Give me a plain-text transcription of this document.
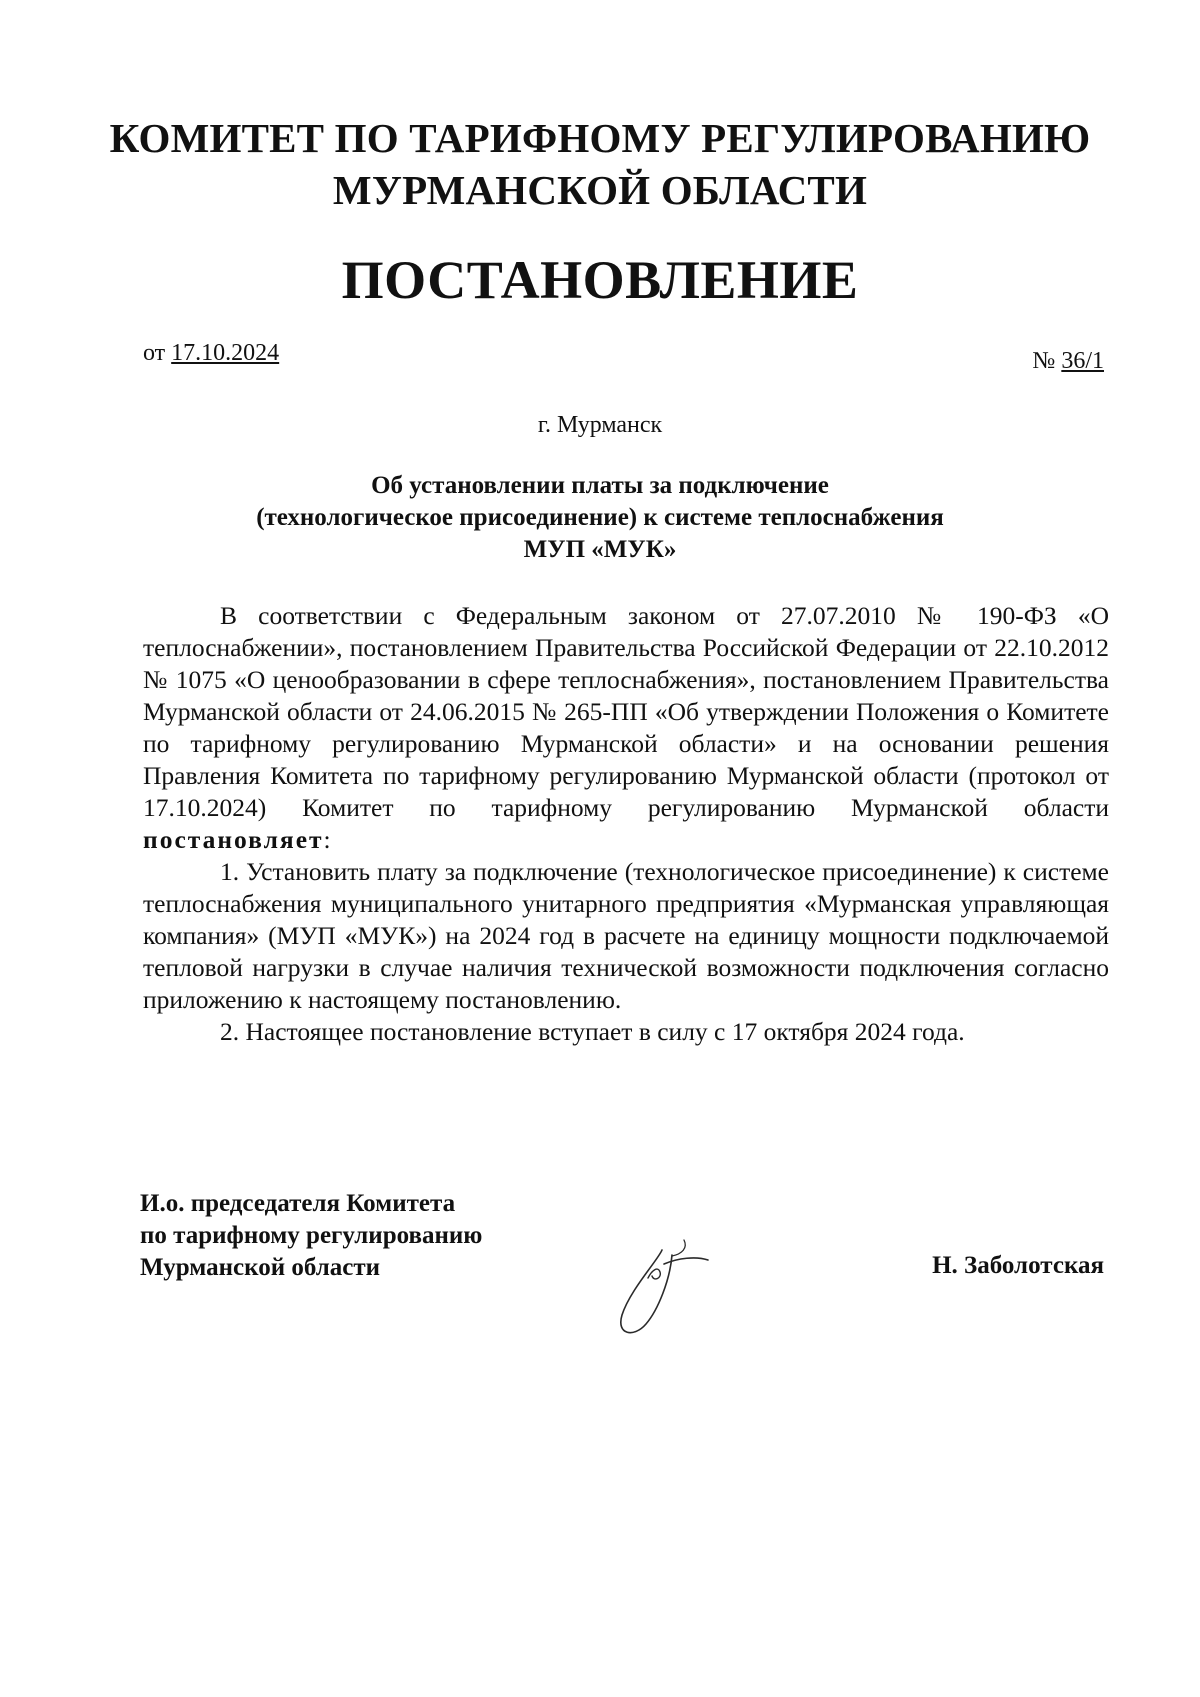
КОМИТЕТ ПО ТАРИФНОМУ РЕГУЛИРОВАНИЮ
МУРМАНСКОЙ ОБЛАСТИ
ПОСТАНОВЛЕНИЕ
от 17.10.2024	№ 36/1
г. Мурманск
Об установлении платы за подключение
(технологическое присоединение) к системе теплоснабжения
МУП «МУК»

В соответствии с Федеральным законом от 27.07.2010 № 190-ФЗ «О теплоснабжении», постановлением Правительства Российской Федерации от 22.10.2012 № 1075 «О ценообразовании в сфере теплоснабжения», постановлением Правительства Мурманской области от 24.06.2015 № 265-ПП «Об утверждении Положения о Комитете по тарифному регулированию Мурманской области» и на основании решения Правления Комитета по тарифному регулированию Мурманской области (протокол от 17.10.2024) Комитет по тарифному регулированию Мурманской области постановляет:

1. Установить плату за подключение (технологическое присоединение) к системе теплоснабжения муниципального унитарного предприятия «Мурманская управляющая компания» (МУП «МУК») на 2024 год в расчете на единицу мощности подключаемой тепловой нагрузки в случае наличия технической возможности подключения согласно приложению к настоящему постановлению.

2. Настоящее постановление вступает в силу с 17 октября 2024 года.

И.о. председателя Комитета
по тарифному регулированию
Мурманской области	Н. Заболотская
